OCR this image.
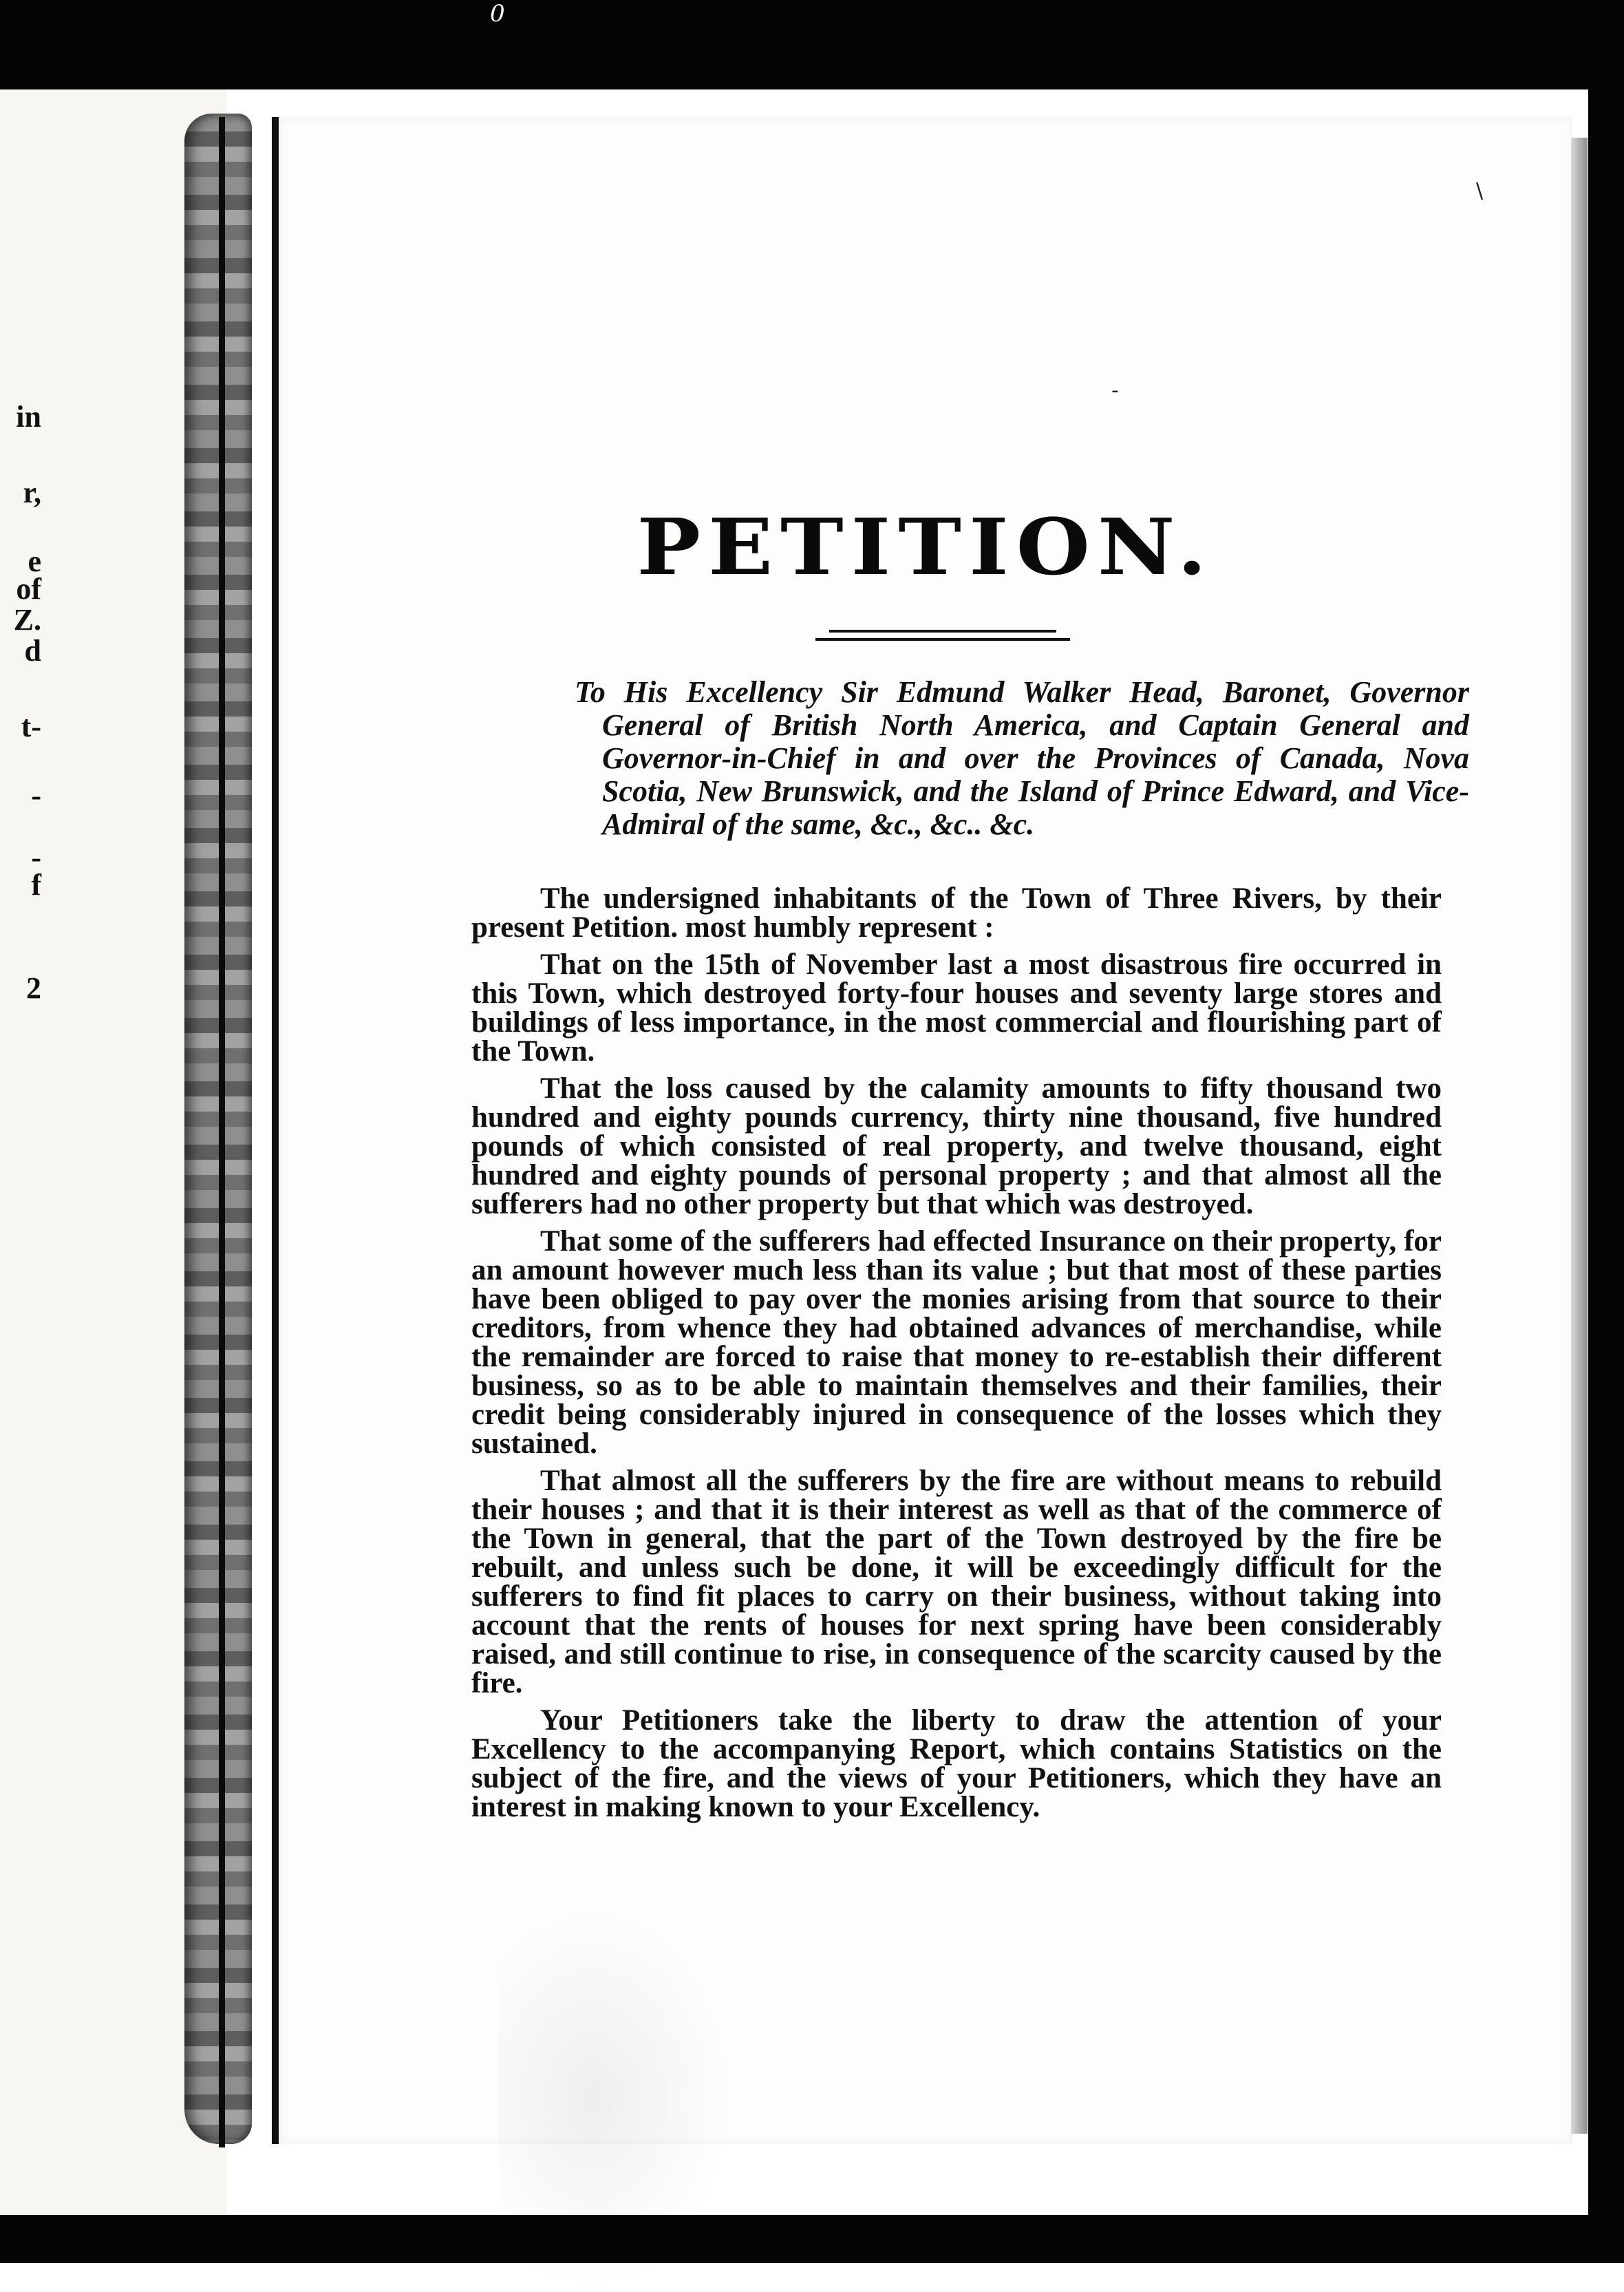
0
in
r,
e
of
Z.
d
t-
-
-
f
2
\
-
PETITION.
To His Excellency Sir Edmund Walker Head, Baronet, Governor General of British North America, and Captain General and Governor-in-Chief in and over the Provinces of Canada, Nova Scotia, New Brunswick, and the Island of Prince Edward, and Vice-Admiral of the same, &c., &c.. &c.

The undersigned inhabitants of the Town of Three Rivers, by their present Petition. most humbly represent :

That on the 15th of November last a most disastrous fire occurred in this Town, which destroyed forty-four houses and seventy large stores and buildings of less importance, in the most commercial and flourishing part of the Town.

That the loss caused by the calamity amounts to fifty thousand two hundred and eighty pounds currency, thirty nine thousand, five hundred pounds of which consisted of real property, and twelve thousand, eight hundred and eighty pounds of personal property ; and that almost all the sufferers had no other property but that which was destroyed.

That some of the sufferers had effected Insurance on their property, for an amount however much less than its value ; but that most of these parties have been obliged to pay over the monies arising from that source to their creditors, from whence they had obtained advances of merchandise, while the remainder are forced to raise that money to re-establish their different business, so as to be able to maintain themselves and their families, their credit being considerably injured in consequence of the losses which they sustained.

That almost all the sufferers by the fire are without means to rebuild their houses ; and that it is their interest as well as that of the commerce of the Town in general, that the part of the Town destroyed by the fire be rebuilt, and unless such be done, it will be exceedingly difficult for the sufferers to find fit places to carry on their business, without taking into account that the rents of houses for next spring have been considerably raised, and still continue to rise, in consequence of the scarcity caused by the fire.

Your Petitioners take the liberty to draw the attention of your Excellency to the accompanying Report, which contains Statistics on the subject of the fire, and the views of your Petitioners, which they have an interest in making known to your Excellency.
